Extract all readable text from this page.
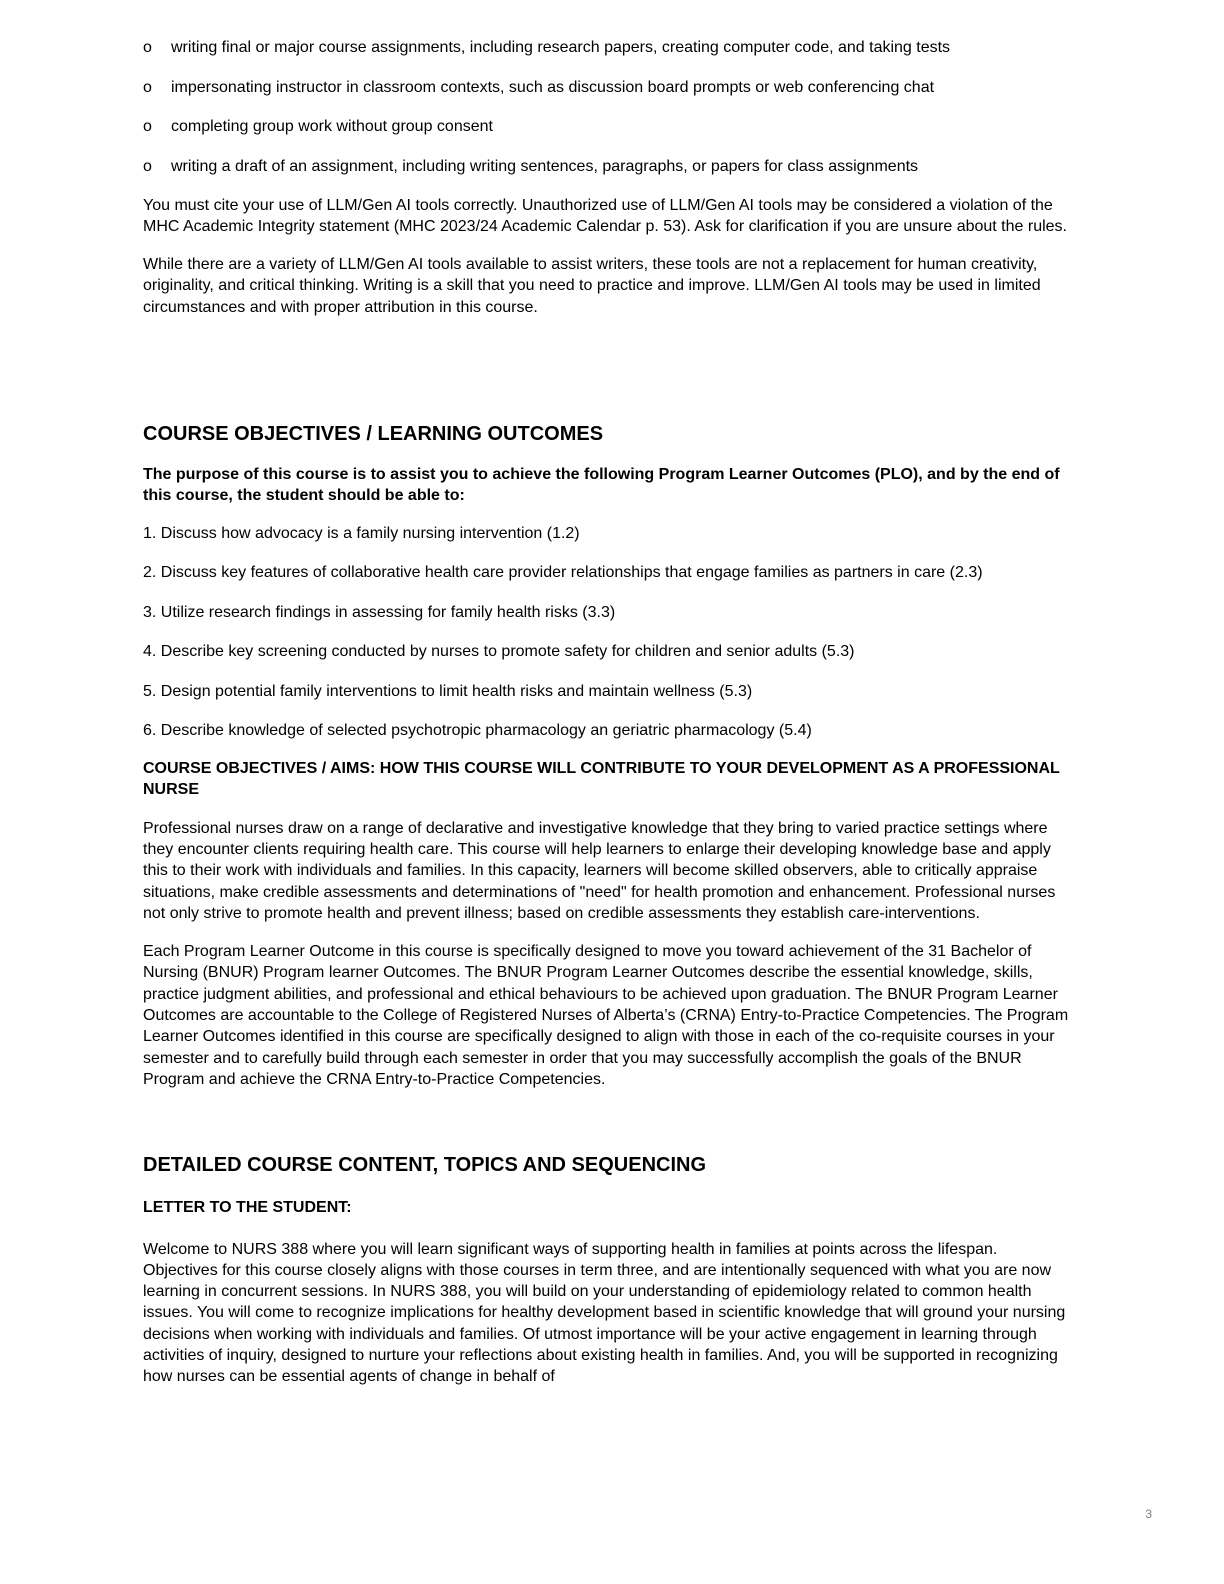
o writing final or major course assignments, including research papers, creating computer code, and taking tests
o impersonating instructor in classroom contexts, such as discussion board prompts or web conferencing chat
o completing group work without group consent
o writing a draft of an assignment, including writing sentences, paragraphs, or papers for class assignments

You must cite your use of LLM/Gen AI tools correctly. Unauthorized use of LLM/Gen AI tools may be considered a violation of the MHC Academic Integrity statement (MHC 2023/24 Academic Calendar p. 53). Ask for clarification if you are unsure about the rules.

While there are a variety of LLM/Gen AI tools available to assist writers, these tools are not a replacement for human creativity, originality, and critical thinking. Writing is a skill that you need to practice and improve. LLM/Gen AI tools may be used in limited circumstances and with proper attribution in this course.

COURSE OBJECTIVES / LEARNING OUTCOMES
The purpose of this course is to assist you to achieve the following Program Learner Outcomes (PLO), and by the end of this course, the student should be able to:
1. Discuss how advocacy is a family nursing intervention (1.2)
2. Discuss key features of collaborative health care provider relationships that engage families as partners in care (2.3)
3. Utilize research findings in assessing for family health risks (3.3)
4. Describe key screening conducted by nurses to promote safety for children and senior adults (5.3)
5. Design potential family interventions to limit health risks and maintain wellness (5.3)
6. Describe knowledge of selected psychotropic pharmacology an geriatric pharmacology (5.4)
COURSE OBJECTIVES / AIMS: HOW THIS COURSE WILL CONTRIBUTE TO YOUR DEVELOPMENT AS A PROFESSIONAL NURSE

Professional nurses draw on a range of declarative and investigative knowledge that they bring to varied practice settings where they encounter clients requiring health care. This course will help learners to enlarge their developing knowledge base and apply this to their work with individuals and families. In this capacity, learners will become skilled observers, able to critically appraise situations, make credible assessments and determinations of "need" for health promotion and enhancement. Professional nurses not only strive to promote health and prevent illness; based on credible assessments they establish care-interventions.

Each Program Learner Outcome in this course is specifically designed to move you toward achievement of the 31 Bachelor of Nursing (BNUR) Program learner Outcomes. The BNUR Program Learner Outcomes describe the essential knowledge, skills, practice judgment abilities, and professional and ethical behaviours to be achieved upon graduation. The BNUR Program Learner Outcomes are accountable to the College of Registered Nurses of Alberta’s (CRNA) Entry-to-Practice Competencies. The Program Learner Outcomes identified in this course are specifically designed to align with those in each of the co-requisite courses in your semester and to carefully build through each semester in order that you may successfully accomplish the goals of the BNUR Program and achieve the CRNA Entry-to-Practice Competencies.

DETAILED COURSE CONTENT, TOPICS AND SEQUENCING
LETTER TO THE STUDENT:

Welcome to NURS 388 where you will learn significant ways of supporting health in families at points across the lifespan. Objectives for this course closely aligns with those courses in term three, and are intentionally sequenced with what you are now learning in concurrent sessions. In NURS 388, you will build on your understanding of epidemiology related to common health issues. You will come to recognize implications for healthy development based in scientific knowledge that will ground your nursing decisions when working with individuals and families. Of utmost importance will be your active engagement in learning through activities of inquiry, designed to nurture your reflections about existing health in families. And, you will be supported in recognizing how nurses can be essential agents of change in behalf of

3
